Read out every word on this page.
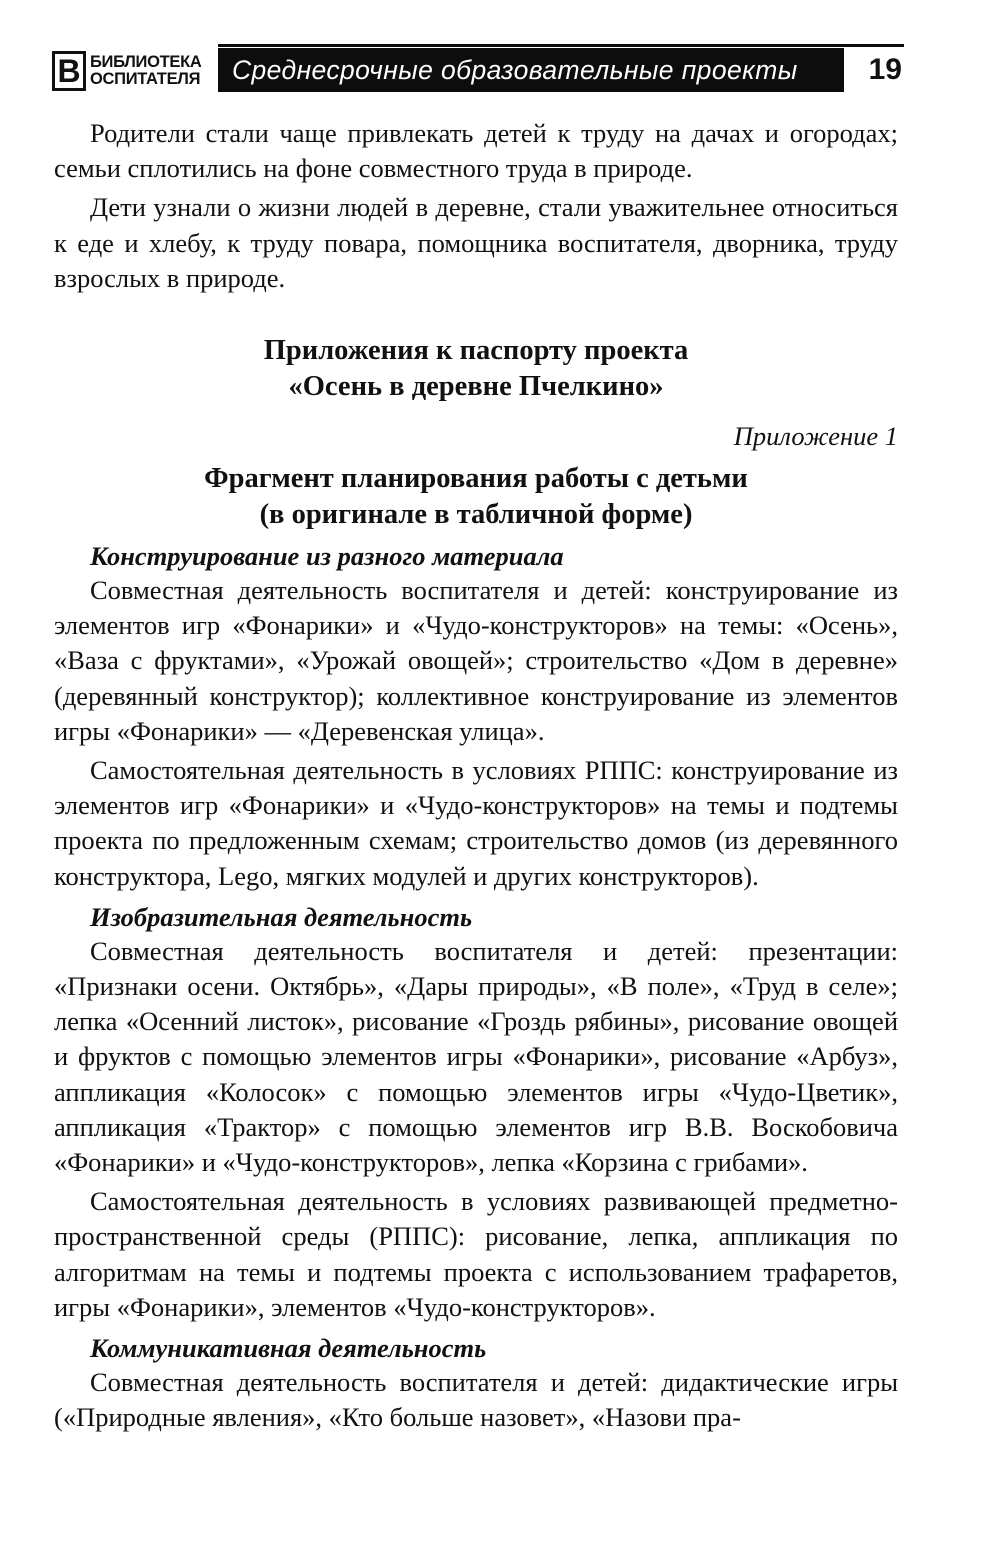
В БИБЛИОТЕКА
ОСПИТАТЕЛЯ	Среднесрочные образовательные проекты	19

Родители стали чаще привлекать детей к труду на дачах и огородах; семьи сплотились на фоне совместного труда в природе.

Дети узнали о жизни людей в деревне, стали уважительнее относиться к еде и хлебу, к труду повара, помощника воспитателя, дворника, труду взрослых в природе.

Приложения к паспорту проекта
«Осень в деревне Пчелкино»
Приложение 1
Фрагмент планирования работы с детьми
(в оригинале в табличной форме)
Конструирование из разного материала

Совместная деятельность воспитателя и детей: конструирование из элементов игр «Фонарики» и «Чудо-конструкторов» на темы: «Осень», «Ваза с фруктами», «Урожай овощей»; строительство «Дом в деревне» (деревянный конструктор); коллективное конструирование из элементов игры «Фонарики» — «Деревенская улица».

Самостоятельная деятельность в условиях РППС: конструирование из элементов игр «Фонарики» и «Чудо-конструкторов» на темы и подтемы проекта по предложенным схемам; строительство домов (из деревянного конструктора, Lego, мягких модулей и других конструкторов).

Изобразительная деятельность

Совместная деятельность воспитателя и детей: презентации: «Признаки осени. Октябрь», «Дары природы», «В поле», «Труд в селе»; лепка «Осенний листок», рисование «Гроздь рябины», рисование овощей и фруктов с помощью элементов игры «Фонарики», рисование «Арбуз», аппликация «Колосок» с помощью элементов игры «Чудо-Цветик», аппликация «Трактор» с помощью элементов игр В.В. Воскобовича «Фонарики» и «Чудо-конструкторов», лепка «Корзина с грибами».

Самостоятельная деятельность в условиях развивающей предметно-пространственной среды (РППС): рисование, лепка, аппликация по алгоритмам на темы и подтемы проекта с использованием трафаретов, игры «Фонарики», элементов «Чудо-конструкторов».

Коммуникативная деятельность

Совместная деятельность воспитателя и детей: дидактические игры («Природные явления», «Кто больше назовет», «Назови пра-
